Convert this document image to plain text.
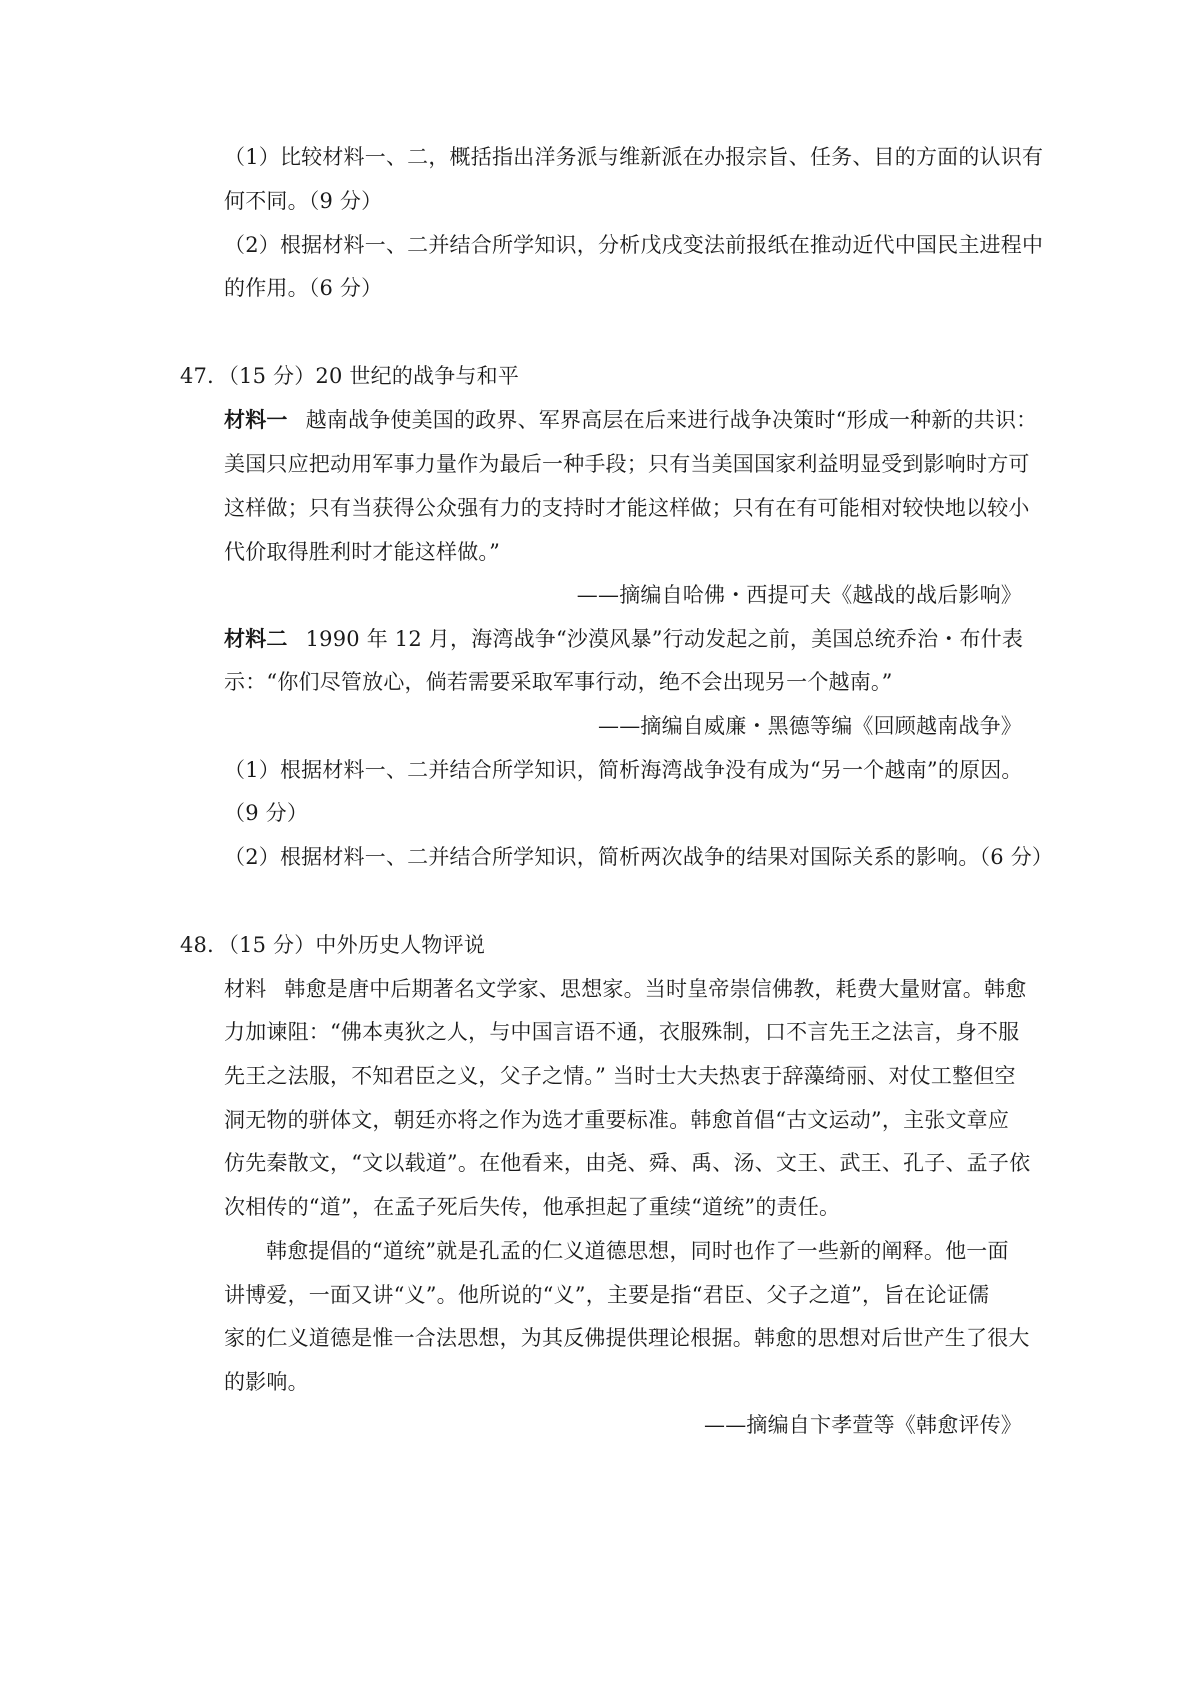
（1）比较材料一、二，概括指出洋务派与维新派在办报宗旨、任务、目的方面的认识有
何不同。（9 分）
（2）根据材料一、二并结合所学知识，分析戊戌变法前报纸在推动近代中国民主进程中
的作用。（6 分）
47．（15 分）20 世纪的战争与和平
材料一 越南战争使美国的政界、军界高层在后来进行战争决策时“形成一种新的共识：
美国只应把动用军事力量作为最后一种手段；只有当美国国家利益明显受到影响时方可
这样做；只有当获得公众强有力的支持时才能这样做；只有在有可能相对较快地以较小
代价取得胜利时才能这样做。”
——摘编自哈佛・西提可夫《越战的战后影响》
材料二 1990 年 12 月，海湾战争“沙漠风暴”行动发起之前，美国总统乔治・布什表
示：“你们尽管放心，倘若需要采取军事行动，绝不会出现另一个越南。”
——摘编自威廉・黑德等编《回顾越南战争》
（1）根据材料一、二并结合所学知识，简析海湾战争没有成为“另一个越南”的原因。
（9 分）
（2）根据材料一、二并结合所学知识，简析两次战争的结果对国际关系的影响。（6 分）
48．（15 分）中外历史人物评说
材料 韩愈是唐中后期著名文学家、思想家。当时皇帝崇信佛教，耗费大量财富。韩愈
力加谏阻：“佛本夷狄之人，与中国言语不通，衣服殊制，口不言先王之法言，身不服
先王之法服，不知君臣之义，父子之情。” 当时士大夫热衷于辞藻绮丽、对仗工整但空
洞无物的骈体文，朝廷亦将之作为选才重要标准。韩愈首倡“古文运动”，主张文章应
仿先秦散文，“文以载道”。在他看来，由尧、舜、禹、汤、文王、武王、孔子、孟子依
次相传的“道”，在孟子死后失传，他承担起了重续“道统”的责任。
韩愈提倡的“道统”就是孔孟的仁义道德思想，同时也作了一些新的阐释。他一面
讲博爱，一面又讲“义”。他所说的“义”，主要是指“君臣、父子之道”，旨在论证儒
家的仁义道德是惟一合法思想，为其反佛提供理论根据。韩愈的思想对后世产生了很大
的影响。
——摘编自卞孝萱等《韩愈评传》
